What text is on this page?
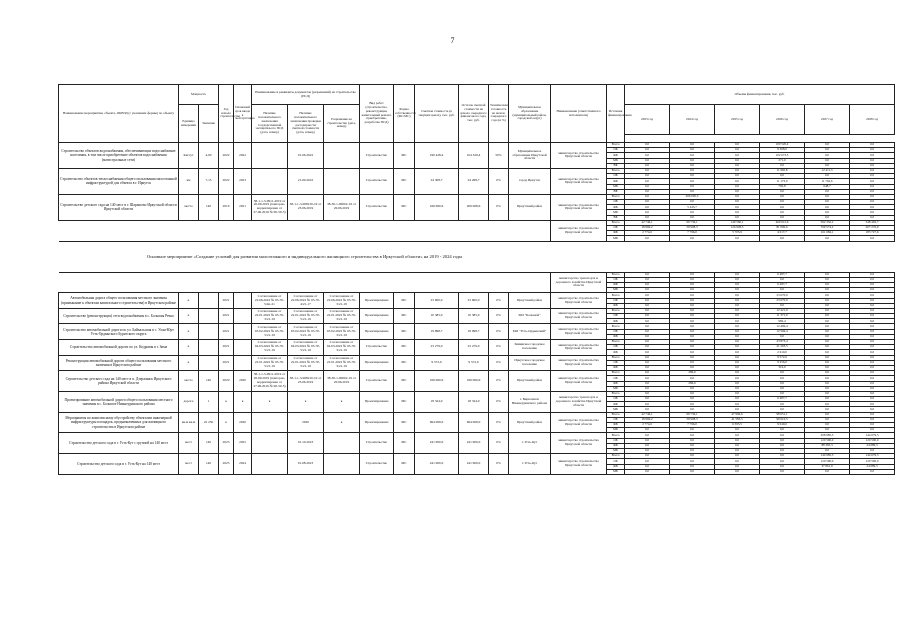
7
Наименование мероприятия, объекта, ОКВЭД (с указанием формы) по объекту	Мощность		Год начала строительства	Плановый срок ввода в эксплуатацию	Наименование и реквизиты документов (разрешений) на строительство (ПСД)			Вид работ (строительство, реконструкция, капитальный ремонт, приобретение, разработка ПСД)	Форма собственности (ФС/МС)	Сметная стоимость (в текущих ценах), тыс. руб.	Остаток сметной стоимости на начало очередного финансового года, тыс. руб.	Техническая готовность на начало очередного года (в %)	Муниципальное образование (муниципальный район, городской округ)	Наименование (ответственного исполнителя)	Источник финансирования	Объемы финансирования, тыс. руб.					
	Единица измерения	Значение			Наличие положительного заключения государственной экспертизы по ПСД (дата, номер)	Наличие положительного заключения проверки достоверности сметной стоимости (дата, номер)	Разрешение на строительство (дата, номер)									2023 год	2024 год	2025 год	2026 год	2027 год	2028 год

Строительство объектов водоснабжения, обеспечивающих водоснабжение населения, в том числе приобретение объектов водоснабжения (магистральные сети)	Км/сут	4,00	2022	2022		01.06.2022		Строительство	МС	190 428,4	104 329,4	50%	Муниципальное образование Иркутской области	министерство строительства Иркутской области	Всего	0,0	0,0	0,0	100 520,4	0,0	0,0
															ОБ	0,0	0,0	0,0	9 308,0	0,0	0,0
															ФБ	0,0	0,0	0,0	102 673,5	0,0	0,0
															МБ	0,0	0,0	0,0	271,0	0,0	0,0
															ВБ	0,0	0,0	0,0	0,0	0,0	0,0
Строительство объектов теплоснабжения общего пользования малоэтажной инфраструктурой для объекта в г. Иркутск	км	7,15	2022	2023		21.09.2022		Строительство	МС	24 308,7	24 268,7	0%	город Иркутск	министерство строительства Иркутской области	Всего	0,0	0,0	0,0	11 965,8	12 411,3	0,0
															ОБ	0,0	0,0	0,0	0,0	0,0	0,0
															ФБ	0,0	0,0	0,0	11 173,0	11 762,6	0,0
															МБ	0,0	0,0	0,0	792,8	648,7	0,0
															ВБ	0,0	0,0	0,0	0,0	0,0	0,0
Строительство детского сада на 140 мест в г. Шарыпово Иркутской области Иркутской области	место	140	2019	2021	38-1-1-3-0911-2019 от 20.09.2019 (повторно, корректировка от 27.06.2019 № 00-50-5)	38-1-1-3-008210-19 от 23.06.2019	38-30-1-00002-19 от 20.06.2019	Строительство	МС	166 060,9	206 068,6	0%	Иркутский район	министерство строительства Иркутской области	Всего	0,0	206 605,3	0,0	0,0	0,0	0,0
															ОБ	0,0	0,0	0,0	0,0	0,0	0,0
															ФБ	0,0	5 245,7	0,0	0,0	0,0	0,0
															МБ	0,0	0,0	0,0	0,0	0,0	0,0
															ВБ	0,0	0,0	0,0	0,0	0,0	0,0
														министерство строительства Иркутской области	Всего	42 746,1	69 736,1	149 566,1	460 012,6	592 332,2	548 402,7
															ОБ	18 969,2	59 908,3	126 928,5	81 090,6	769 574,2	207 276,9
															ФБ	2 774,6	7 796,0	5 705,9	4 017,7	161 684,1	183 727,6
															МБ	0,0	0,0	0,0	0,0	0,0	0,0
Основное мероприятие «Создание условий для развития малоэтажного и индивидуального жилищного строительства в Иркутской области» на 2019 - 2024 годы																					
														министерство транспорта и дорожного хозяйства Иркутской области	Всего	0,0	0,0	0,0	6 487,7	0,0	0,0
															ОБ	0,0	0,0	0,0	0,0	0,0	0,0
															ФБ	0,0	0,0	0,0	6 487,7	0,0	0,0
															МБ	0,0	0,0	0,0	0,0	0,0	0,0
Автомобильная дорога общего пользования местного значения (примыкание к объектам капитального строительства) в Иркутском районе	к		2021		Согласование от 22.06.2022 № 03-70-5/4п-21	Согласование от 22.06.2022 № 03-70-4/21-17	Согласование от 22.06.2022 № 03-70-3/21-19	Проектирование	МС	23 600,0	23 600,0	0%	Иркутский район	министерство строительства Иркутской области	Всего	0,0	0,0	0,0	23 670,9	0,0	0,0
															ОБ	0,0	0,0	0,0	23 670,9	0,0	0,0
															ФБ	0,0	0,0	0,0	0,0	0,0	0,0
Строительство (реконструкция) сети водоснабжения в с. Большая Речка	к		2021		Согласование от 22.01.2022 № 03-70-3/21-19	Согласование от 22.01.2022 № 03-70-5/21-19	Согласование от 22.01.2022 № 03-70-3/21-19	Проектирование	МС	10 385,0	10 385,0	0%	МО "Большой"	министерство строительства Иркутской области	Всего	0,0	0,0	0,0	12 421,9	0,0	0,0
															ОБ	0,0	0,0	0,0	11 371,0	0,0	0,0
															ФБ	0,0	0,0	0,0	982,4	0,0	0,0
Строительство автомобильной дороги по ул. Байкальская в с. Улан-Юрт Усть-Ордынского Бурятского округа	к		2021		Согласование от 03.02.2022 № 03-70-5/21-19	Согласование от 03.02.2022 № 03-70-5/21-19	Согласование от 03.02.2022 № 03-70-3/21-19	Проектирование	МС	19 898,7	18 098,7	0%	МО "Усть-Ордынский"	министерство строительства Иркутской области	Всего	0,0	0,0	0,0	12 496,4	0,0	0,0
															ОБ	0,0	0,0	0,0	12 566,4	0,0	0,0
															ФБ	0,0	0,0	0,0	0,0	0,0	0,0
Строительство автомобильной дороги по ул. Кедровая в г. Зима	к		2021		Согласование от 04.03.2022 № 03-70-5/21-19	Согласование от 04.03.2022 № 03-70-5/21-19	Согласование от 04.03.2022 № 03-70-3/21-19	Строительство	МС	23 279,0	23 279,0	0%	Зиминское городское поселение	министерство строительства Иркутской области	Всего	0,0	0,0	0,0	23 873,4	0,0	0,0
															ОБ	0,0	0,0	0,0	21 263,5	0,0	0,0
															ФБ	0,0	0,0	0,0	2 610,0	0,0	0,0
Реконструкция автомобильной дороги общего пользования местного значения в Иркутском районе	к		2021		Согласование от 22.01.2022 № 03-70-5/21-19	Согласование от 22.01.2022 № 03-70-5/21-19	Согласование от 22.01.2022 № 03-70-3/21-19	Проектирование	МС	9 572,0	9 572,0	0%	Иркутское городское поселение	министерство строительства Иркутской области	Всего	0,0	0,0	0,0	9 572,0	0,0	0,0
															ОБ	0,0	0,0	0,0	9 256,0	0,0	0,0
															ФБ	0,0	0,0	0,0	316,0	0,0	0,0
Строительство детского сада на 140 мест в п. Дзержинск Иркутского района Иркутской области	место	140	2020	2020	38-1-1-3-0911-2019 от 20.09.2019 (повторно, корректировка от 27.06.2019 № 00-50-5)	38-1-1-3-008210-19 от 23.06.2019	38-30-1-00002-19 от 20.06.2019	Строительство	МС	166 060,9	166 060,9	0%	Иркутский район	министерство строительства Иркутской области	Всего	0,0	286,6	0,0	0,0	0,0	0,0
															ОБ	0,0	0,0	0,0	0,0	0,0	0,0
															ФБ	0,0	286,6	0,0	0,0	0,0	0,0
															МБ	0,0	0,0	0,0	0,0	0,0	0,0
Проектирование автомобильной дороги общего пользования местного значения в с. Большое Нижнеудинского района	дорога	1	к	к	к	к	к	Проектирование	МС	18 324,0	18 324,0	0%	г. Бирюсинск Нижнеудинского района	министерство транспорта и дорожного хозяйства Иркутской области	Всего	0,0	0,0	0,0	0,0	0,0	0,0
															ОБ	0,0	0,0	0,0	6 487,7	0,0	0,0
															ФБ	0,0	0,0	0,0	0,0	0,0	0,0
															МБ	0,0	0,0	0,0	0,0	0,0	0,0
Мероприятия по комплексному обустройству объектами инженерной инфраструктуры площадок, предназначенных для жилищного строительства в Иркутском районе	кв.м кв.м	22 250	к	2020		2020	к	Проектирование	МС	694 069,0	694 069,0	0%	Иркутский район	министерство строительства Иркутской области	Всего	42 746,1	69 736,1	47 996,6	98 651,1	0,0	0,0
															ОБ	18 969,2	59 908,3	41 583,5	99 610,5	0,0	0,0
															ФБ	2 774,6	7 796,0	6 395,5	9 040,6	0,0	0,0
															МБ	0,0	0,0	0,0	0,0	0,0	0,0
Строительство детского сада в г. Усть-Кут с группой на 140 мест	мест	140	2023	2025		01.10.2023		Строительство	МС	241 900,0	241 900,0	0%	г. Усть-Кут	министерство строительства Иркутской области	Всего	0,0	0,0	0,0	0,0	208 985,3	144 679,3
															ОБ	0,0	0,0	0,0	0,0	120 590,0	120 590,0
															ФБ	0,0	0,0	0,0	0,0	88 395,3	24 089,3
															МБ	0,0	0,0	0,0	0,0	0,0	0,0
Строительство детского сада в г. Усть-Кут на 140 мест	мест	140	2023	2024		01.08.2023		Строительство	МС	241 900,0	241 900,0	0%	г. Усть-Кут	министерство строительства Иркутской области	Всего	0,0	0,0	0,0	0,0	140 985,3	144 679,3
															ОБ	0,0	0,0	0,0	0,0	120 590,0	120 590,0
															ФБ	0,0	0,0	0,0	0,0	37 861,9	24 089,3
															МБ	0,0	0,0	0,0	0,0	0,0	0,0
